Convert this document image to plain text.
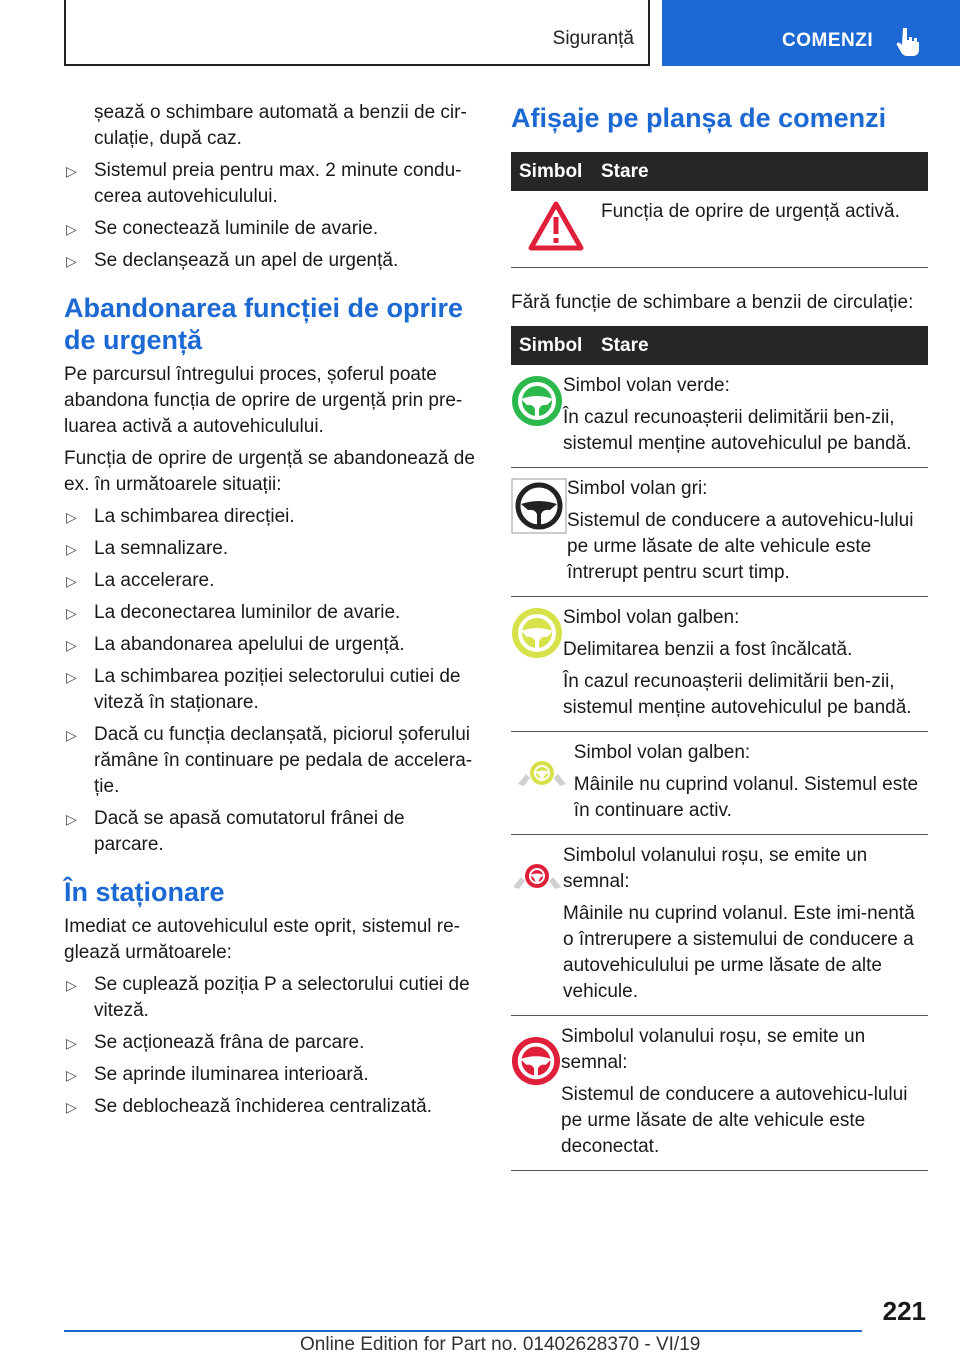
Siguranță	COMENZI
șează o schimbare automată a benzii de cir-culație, după caz.
▷ Sistemul preia pentru max. 2 minute condu-cerea autovehiculului.
▷ Se conectează luminile de avarie.
▷ Se declanșează un apel de urgență.
Abandonarea funcției de oprire de urgență
Pe parcursul întregului proces, șoferul poate abandona funcția de oprire de urgență prin pre-luarea activă a autovehiculului.
Funcția de oprire de urgență se abandonează de ex. în următoarele situații:
▷ La schimbarea direcției.
▷ La semnalizare.
▷ La accelerare.
▷ La deconectarea luminilor de avarie.
▷ La abandonarea apelului de urgență.
▷ La schimbarea poziției selectorului cutiei de viteză în staționare.
▷ Dacă cu funcția declanșată, piciorul șoferului rămâne în continuare pe pedala de accelera-ție.
▷ Dacă se apasă comutatorul frânei de parcare.
În staționare
Imediat ce autovehiculul este oprit, sistemul re-glează următoarele:
▷ Se cuplează poziția P a selectorului cutiei de viteză.
▷ Se acționează frâna de parcare.
▷ Se aprinde iluminarea interioară.
▷ Se deblochează închiderea centralizată.
Afișaje pe planșa de comenzi
Simbol Stare

Funcția de oprire de urgență activă.

Fără funcție de schimbare a benzii de circulație:
Simbol Stare

Simbol volan verde:

În cazul recunoașterii delimitării ben-zii, sistemul menține autovehiculul pe bandă.

Simbol volan gri:

Sistemul de conducere a autovehicu-lului pe urme lăsate de alte vehicule este întrerupt pentru scurt timp.

Simbol volan galben:

Delimitarea benzii a fost încălcată.

În cazul recunoașterii delimitării ben-zii, sistemul menține autovehiculul pe bandă.

Simbol volan galben:

Mâinile nu cuprind volanul. Sistemul este în continuare activ.

Simbolul volanului roșu, se emite un semnal:

Mâinile nu cuprind volanul. Este imi-nentă o întrerupere a sistemului de conducere a autovehiculului pe urme lăsate de alte vehicule.

Simbolul volanului roșu, se emite un semnal:

Sistemul de conducere a autovehicu-lului pe urme lăsate de alte vehicule este deconectat.

221
Online Edition for Part no. 01402628370 - VI/19
